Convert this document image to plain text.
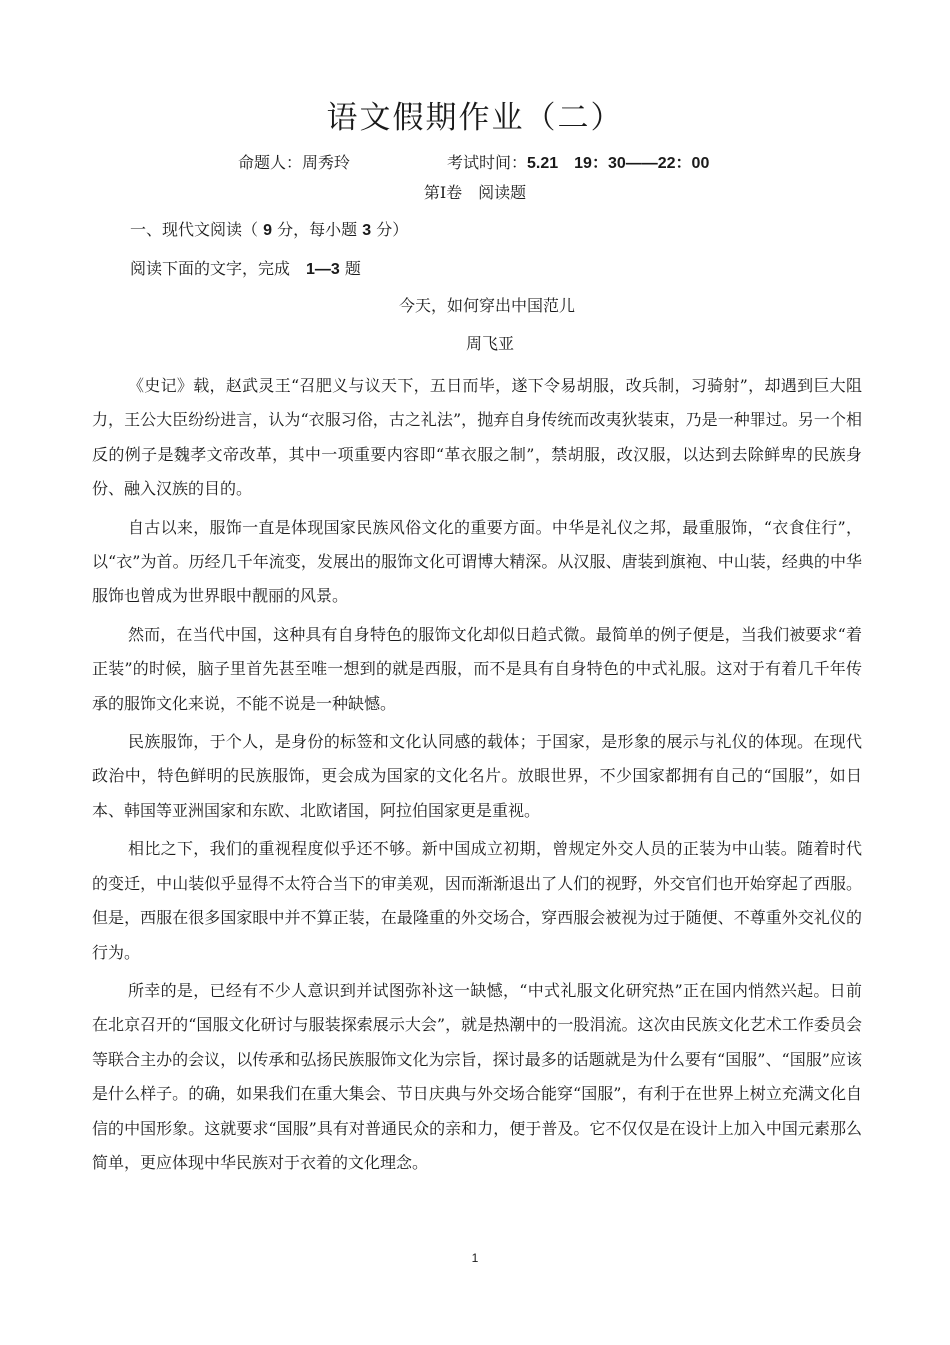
语文假期作业（二）
命题人：周秀玲	考试时间：5.21　19：30——22：00
第Ⅰ卷　阅读题
一、现代文阅读（ 9 分，每小题 3 分）
阅读下面的文字，完成　 1—3 题
今天，如何穿出中国范儿
周飞亚

《史记》载，赵武灵王“召肥义与议天下，五日而毕，遂下令易胡服，改兵制，习骑射”，却遇到巨大阻力，王公大臣纷纷进言，认为“衣服习俗，古之礼法”，抛弃自身传统而改夷狄装束，乃是一种罪过。另一个相反的例子是魏孝文帝改革，其中一项重要内容即“革衣服之制”，禁胡服，改汉服，以达到去除鲜卑的民族身份、融入汉族的目的。

自古以来，服饰一直是体现国家民族风俗文化的重要方面。中华是礼仪之邦，最重服饰，“衣食住行”，以“衣”为首。历经几千年流变，发展出的服饰文化可谓博大精深。从汉服、唐装到旗袍、中山装，经典的中华服饰也曾成为世界眼中靓丽的风景。

然而，在当代中国，这种具有自身特色的服饰文化却似日趋式微。最简单的例子便是，当我们被要求“着正装”的时候，脑子里首先甚至唯一想到的就是西服，而不是具有自身特色的中式礼服。这对于有着几千年传承的服饰文化来说，不能不说是一种缺憾。

民族服饰，于个人，是身份的标签和文化认同感的载体；于国家，是形象的展示与礼仪的体现。在现代政治中，特色鲜明的民族服饰，更会成为国家的文化名片。放眼世界，不少国家都拥有自己的“国服”，如日本、韩国等亚洲国家和东欧、北欧诸国，阿拉伯国家更是重视。

相比之下，我们的重视程度似乎还不够。新中国成立初期，曾规定外交人员的正装为中山装。随着时代的变迁，中山装似乎显得不太符合当下的审美观，因而渐渐退出了人们的视野，外交官们也开始穿起了西服。但是，西服在很多国家眼中并不算正装，在最隆重的外交场合，穿西服会被视为过于随便、不尊重外交礼仪的行为。

所幸的是，已经有不少人意识到并试图弥补这一缺憾，“中式礼服文化研究热”正在国内悄然兴起。日前在北京召开的“国服文化研讨与服装探索展示大会”，就是热潮中的一股涓流。这次由民族文化艺术工作委员会等联合主办的会议，以传承和弘扬民族服饰文化为宗旨，探讨最多的话题就是为什么要有“国服”、“国服”应该是什么样子。的确，如果我们在重大集会、节日庆典与外交场合能穿“国服”，有利于在世界上树立充满文化自信的中国形象。这就要求“国服”具有对普通民众的亲和力，便于普及。它不仅仅是在设计上加入中国元素那么简单，更应体现中华民族对于衣着的文化理念。

1
